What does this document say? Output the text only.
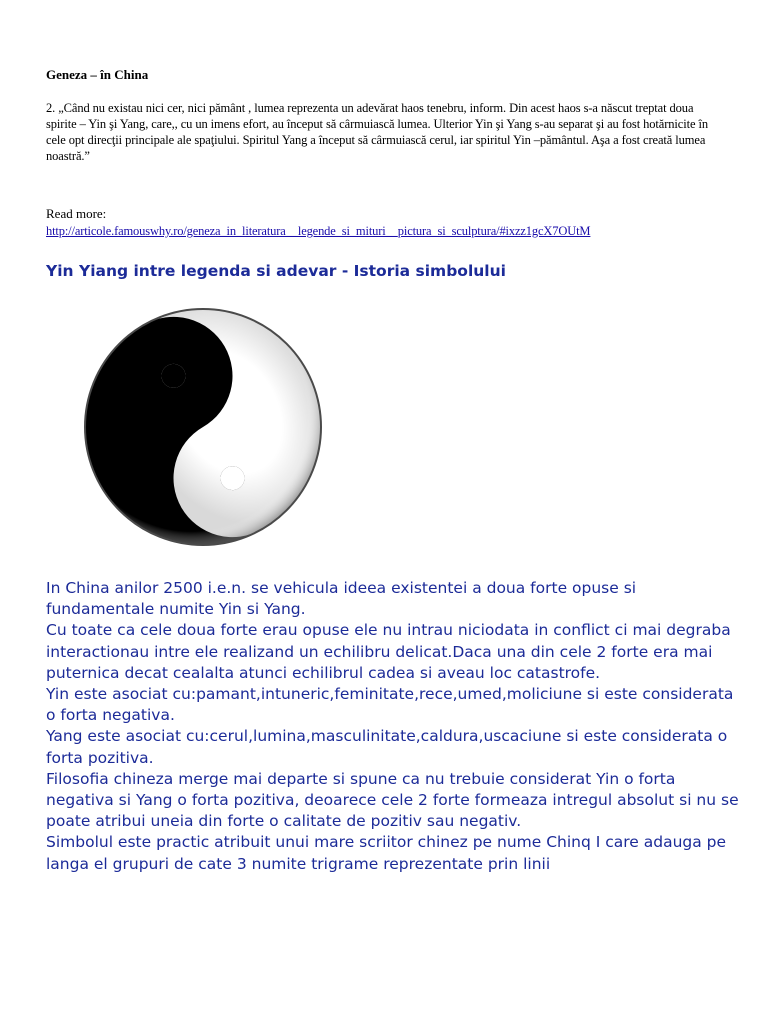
Geneza – în China

2. „Când nu existau nici cer, nici pământ , lumea reprezenta un adevărat haos tenebru, inform. Din acest haos s-a născut treptat doua spirite – Yin şi Yang, care,, cu un imens efort, au început să cârmuiască lumea. Ulterior Yin şi Yang s-au separat şi au fost hotărnicite în cele opt direcţii principale ale spaţiului. Spiritul Yang a început să cârmuiască cerul, iar spiritul Yin –pământul. Aşa a fost creată lumea noastră.”

Read more:

http://articole.famouswhy.ro/geneza_in_literatura__legende_si_mituri__pictura_si_sculptura/#ixzz1gcX7OUtM
Yin Yiang intre legenda si adevar - Istoria simbolului

In China anilor 2500 i.e.n. se vehicula ideea existentei a doua forte opuse si fundamentale numite Yin si Yang.

Cu toate ca cele doua forte erau opuse ele nu intrau niciodata in conflict ci mai degraba interactionau intre ele realizand un echilibru delicat.Daca una din cele 2 forte era mai puternica decat cealalta atunci echilibrul cadea si aveau loc catastrofe.

Yin este asociat cu:pamant,intuneric,feminitate,rece,umed,moliciune si este considerata o forta negativa.

Yang este asociat cu:cerul,lumina,masculinitate,caldura,uscaciune si este considerata o forta pozitiva.

Filosofia chineza merge mai departe si spune ca nu trebuie considerat Yin o forta negativa si Yang o forta pozitiva, deoarece cele 2 forte formeaza intregul absolut si nu se poate atribui uneia din forte o calitate de pozitiv sau negativ.

Simbolul este practic atribuit unui mare scriitor chinez pe nume Chinq I care adauga pe langa el grupuri de cate 3 numite trigrame reprezentate prin linii
